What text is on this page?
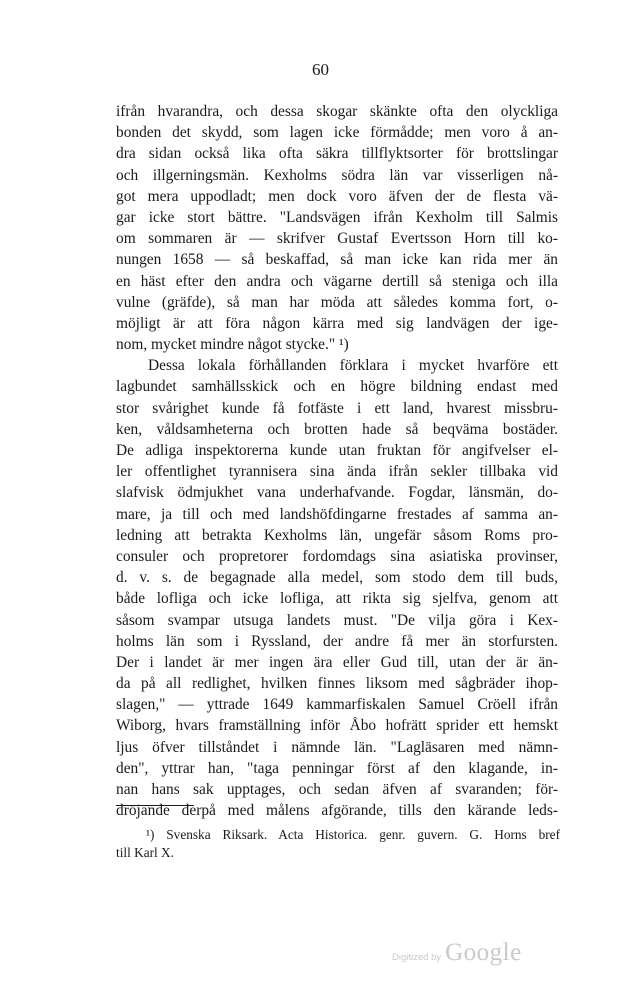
60
ifrån hvarandra, och dessa skogar skänkte ofta den olyckliga
bonden det skydd, som lagen icke förmådde; men voro å an-
dra sidan också lika ofta säkra tillflyktsorter för brottslingar
och illgerningsmän. Kexholms södra län var visserligen nå-
got mera uppodladt; men dock voro äfven der de flesta vä-
gar icke stort bättre. "Landsvägen ifrån Kexholm till Salmis
om sommaren är — skrifver Gustaf Evertsson Horn till ko-
nungen 1658 — så beskaffad, så man icke kan rida mer än
en häst efter den andra och vägarne dertill så steniga och illa
vulne (gräfde), så man har möda att således komma fort, o-
möjligt är att föra någon kärra med sig landvägen der ige-
nom, mycket mindre något stycke." ¹)
Dessa lokala förhållanden förklara i mycket hvarföre ett
lagbundet samhällsskick och en högre bildning endast med
stor svårighet kunde få fotfäste i ett land, hvarest missbru-
ken, våldsamheterna och brotten hade så beqväma bostäder.
De adliga inspektorerna kunde utan fruktan för angifvelser el-
ler offentlighet tyrannisera sina ända ifrån sekler tillbaka vid
slafvisk ödmjukhet vana underhafvande. Fogdar, länsmän, do-
mare, ja till och med landshöfdingarne frestades af samma an-
ledning att betrakta Kexholms län, ungefär såsom Roms pro-
consuler och propretorer fordomdags sina asiatiska provinser,
d. v. s. de begagnade alla medel, som stodo dem till buds,
både lofliga och icke lofliga, att rikta sig sjelfva, genom att
såsom svampar utsuga landets must. "De vilja göra i Kex-
holms län som i Ryssland, der andre få mer än storfursten.
Der i landet är mer ingen ära eller Gud till, utan der är än-
da på all redlighet, hvilken finnes liksom med sågbräder ihop-
slagen," — yttrade 1649 kammarfiskalen Samuel Cröell ifrån
Wiborg, hvars framställning inför Åbo hofrätt sprider ett hemskt
ljus öfver tillståndet i nämnde län. "Lagläsaren med nämn-
den", yttrar han, "taga penningar först af den klagande, in-
nan hans sak upptages, och sedan äfven af svaranden; för-
dröjande derpå med målens afgörande, tills den kärande leds-
¹) Svenska Riksark. Acta Historica. genr. guvern. G. Horns bref
till Karl X.
Digitized by Google
